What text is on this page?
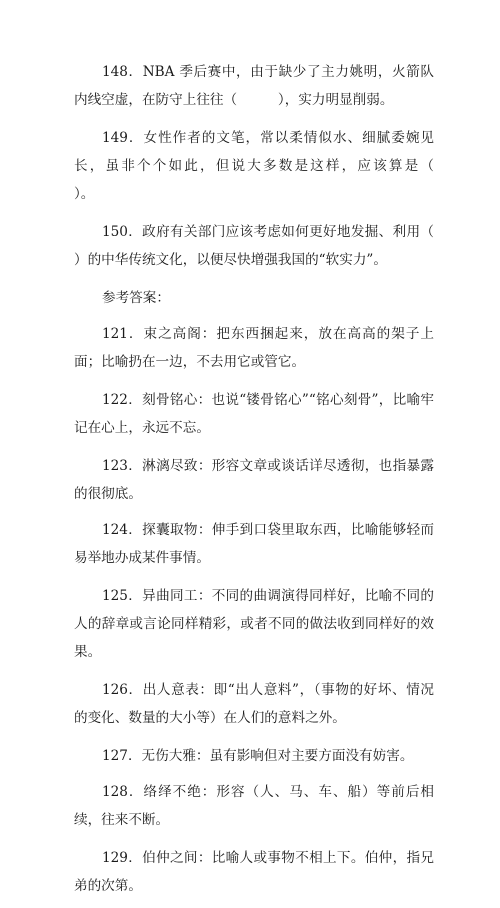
148．NBA 季后赛中，由于缺少了主力姚明，火箭队内线空虚，在防守上往往（　　　），实力明显削弱。

149．女性作者的文笔，常以柔情似水、细腻委婉见长，虽非个个如此，但说大多数是这样，应该算是（　　　）。

150．政府有关部门应该考虑如何更好地发掘、利用（　　　　）的中华传统文化，以便尽快增强我国的“软实力”。

参考答案：

121．束之高阁：把东西捆起来，放在高高的架子上面；比喻扔在一边，不去用它或管它。

122．刻骨铭心：也说“镂骨铭心”“铭心刻骨”，比喻牢记在心上，永远不忘。

123．淋漓尽致：形容文章或谈话详尽透彻，也指暴露的很彻底。

124．探囊取物：伸手到口袋里取东西，比喻能够轻而易举地办成某件事情。

125．异曲同工：不同的曲调演得同样好，比喻不同的人的辞章或言论同样精彩，或者不同的做法收到同样好的效果。

126．出人意表：即“出人意料”，（事物的好坏、情况的变化、数量的大小等）在人们的意料之外。

127．无伤大雅：虽有影响但对主要方面没有妨害。

128．络绎不绝：形容（人、马、车、船）等前后相续，往来不断。

129．伯仲之间：比喻人或事物不相上下。伯仲，指兄弟的次第。
